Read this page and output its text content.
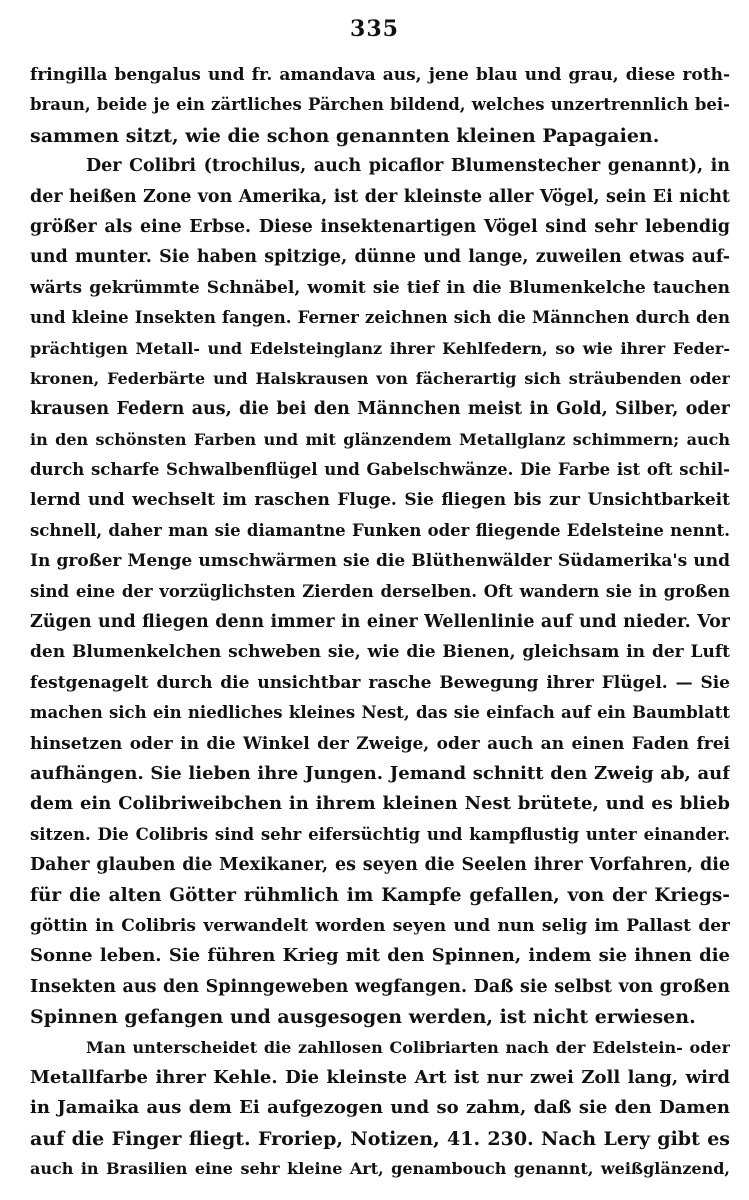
335
fringilla bengalus und fr. amandava aus, jene blau und grau, diese roth-
braun, beide je ein zärtliches Pärchen bildend, welches unzertrennlich bei-
sammen sitzt, wie die schon genannten kleinen Papagaien.
Der Colibri (trochilus, auch picaflor Blumenstecher genannt), in
der heißen Zone von Amerika, ist der kleinste aller Vögel, sein Ei nicht
größer als eine Erbse. Diese insektenartigen Vögel sind sehr lebendig
und munter. Sie haben spitzige, dünne und lange, zuweilen etwas auf-
wärts gekrümmte Schnäbel, womit sie tief in die Blumenkelche tauchen
und kleine Insekten fangen. Ferner zeichnen sich die Männchen durch den
prächtigen Metall- und Edelsteinglanz ihrer Kehlfedern, so wie ihrer Feder-
kronen, Federbärte und Halskrausen von fächerartig sich sträubenden oder
krausen Federn aus, die bei den Männchen meist in Gold, Silber, oder
in den schönsten Farben und mit glänzendem Metallglanz schimmern; auch
durch scharfe Schwalbenflügel und Gabelschwänze. Die Farbe ist oft schil-
lernd und wechselt im raschen Fluge. Sie fliegen bis zur Unsichtbarkeit
schnell, daher man sie diamantne Funken oder fliegende Edelsteine nennt.
In großer Menge umschwärmen sie die Blüthenwälder Südamerika's und
sind eine der vorzüglichsten Zierden derselben. Oft wandern sie in großen
Zügen und fliegen denn immer in einer Wellenlinie auf und nieder. Vor
den Blumenkelchen schweben sie, wie die Bienen, gleichsam in der Luft
festgenagelt durch die unsichtbar rasche Bewegung ihrer Flügel. — Sie
machen sich ein niedliches kleines Nest, das sie einfach auf ein Baumblatt
hinsetzen oder in die Winkel der Zweige, oder auch an einen Faden frei
aufhängen. Sie lieben ihre Jungen. Jemand schnitt den Zweig ab, auf
dem ein Colibriweibchen in ihrem kleinen Nest brütete, und es blieb
sitzen. Die Colibris sind sehr eifersüchtig und kampflustig unter einander.
Daher glauben die Mexikaner, es seyen die Seelen ihrer Vorfahren, die
für die alten Götter rühmlich im Kampfe gefallen, von der Kriegs-
göttin in Colibris verwandelt worden seyen und nun selig im Pallast der
Sonne leben. Sie führen Krieg mit den Spinnen, indem sie ihnen die
Insekten aus den Spinngeweben wegfangen. Daß sie selbst von großen
Spinnen gefangen und ausgesogen werden, ist nicht erwiesen.
Man unterscheidet die zahllosen Colibriarten nach der Edelstein- oder
Metallfarbe ihrer Kehle. Die kleinste Art ist nur zwei Zoll lang, wird
in Jamaika aus dem Ei aufgezogen und so zahm, daß sie den Damen
auf die Finger fliegt. Froriep, Notizen, 41. 230. Nach Lery gibt es
auch in Brasilien eine sehr kleine Art, genambouch genannt, weißglänzend,
